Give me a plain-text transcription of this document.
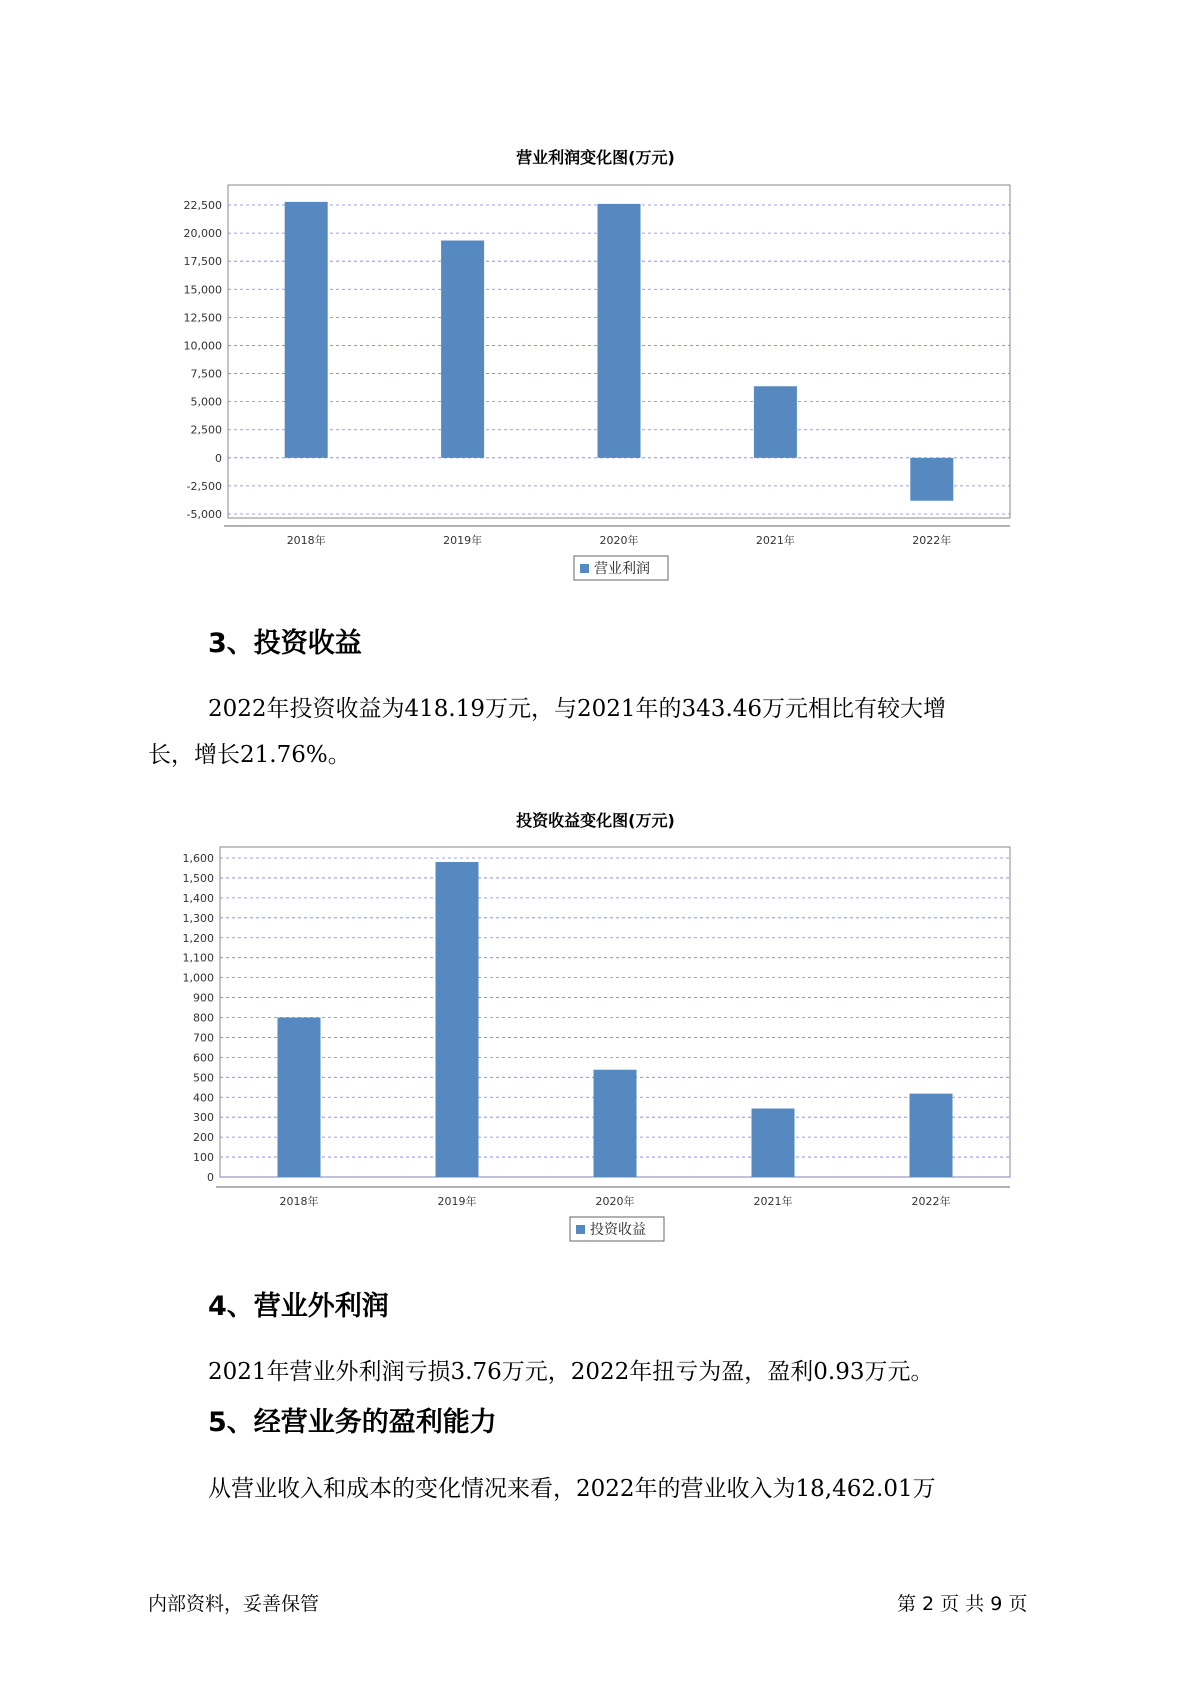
营业利润变化图(万元)
-5,000
-2,500
0
2,500
5,000
7,500
10,000
12,500
15,000
17,500
20,000
22,500
2018年	2019年	2020年	2021年	2022年
营业利润
3、投资收益
2022年投资收益为418.19万元，与2021年的343.46万元相比有较大增
长，增长21.76%。
投资收益变化图(万元)
0
100
200
300
400
500
600
700
800
900
1,000
1,100
1,200
1,300
1,400
1,500
1,600
2018年	2019年	2020年	2021年	2022年
投资收益
4、营业外利润
2021年营业外利润亏损3.76万元，2022年扭亏为盈，盈利0.93万元。
5、经营业务的盈利能力
从营业收入和成本的变化情况来看，2022年的营业收入为18,462.01万
内部资料，妥善保管	第 2 页 共 9 页
